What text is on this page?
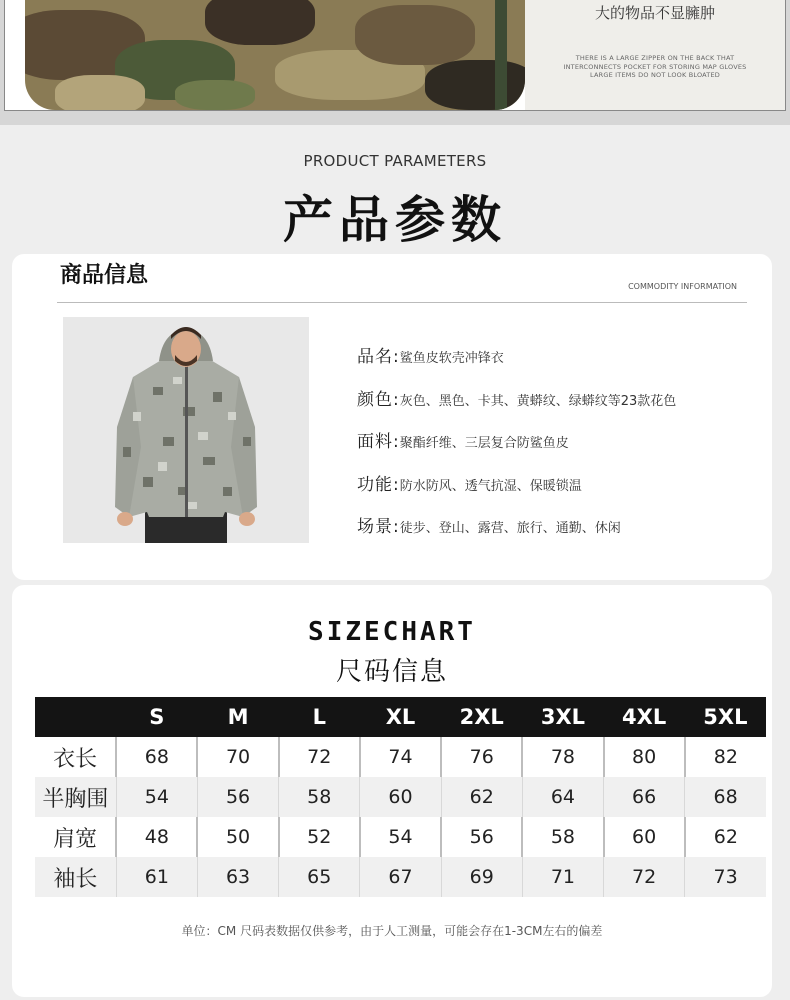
大的物品不显臃肿
THERE IS A LARGE ZIPPER ON THE BACK THAT
INTERCONNECTS POCKET FOR STORING MAP GLOVES
LARGE ITEMS DO NOT LOOK BLOATED
PRODUCT PARAMETERS
产品参数
商品信息	COMMODITY INFORMATION
品名:鲨鱼皮软壳冲锋衣
颜色:灰色、黑色、卡其、黄蟒纹、绿蟒纹等23款花色
面料:聚酯纤维、三层复合防鲨鱼皮
功能:防水防风、透气抗湿、保暖锁温
场景:徒步、登山、露营、旅行、通勤、休闲
SIZECHART
尺码信息
	S	M	L	XL	2XL	3XL	4XL	5XL
衣长	68	70	72	74	76	78	80	82
半胸围	54	56	58	60	62	64	66	68
肩宽	48	50	52	54	56	58	60	62
袖长	61	63	65	67	69	71	72	73
单位：CM 尺码表数据仅供参考，由于人工测量，可能会存在1-3CM左右的偏差
